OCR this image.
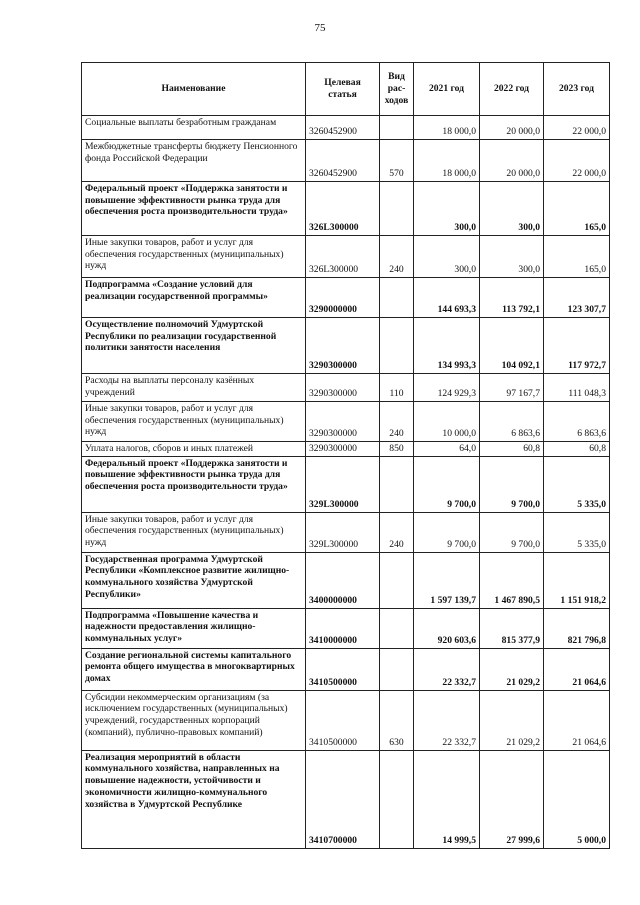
75
Наименование	Целевая статья	Вид рас-ходов	2021 год	2022 год	2023 год
Социальные выплаты безработным гражданам	3260452900		18 000,0	20 000,0	22 000,0
Межбюджетные трансферты бюджету Пенсионного фонда Российской Федерации	3260452900	570	18 000,0	20 000,0	22 000,0
Федеральный проект «Поддержка занятости и повышение эффективности рынка труда для обеспечения роста производительности труда»	326L300000		300,0	300,0	165,0
Иные закупки товаров, работ и услуг для обеспечения государственных (муниципальных) нужд	326L300000	240	300,0	300,0	165,0
Подпрограмма «Создание условий для реализации государственной программы»	3290000000		144 693,3	113 792,1	123 307,7
Осуществление полномочий Удмуртской Республики по реализации государственной политики занятости населения	3290300000		134 993,3	104 092,1	117 972,7
Расходы на выплаты персоналу казённых учреждений	3290300000	110	124 929,3	97 167,7	111 048,3
Иные закупки товаров, работ и услуг для обеспечения государственных (муниципальных) нужд	3290300000	240	10 000,0	6 863,6	6 863,6
Уплата налогов, сборов и иных платежей	3290300000	850	64,0	60,8	60,8
Федеральный проект «Поддержка занятости и повышение эффективности рынка труда для обеспечения роста производительности труда»	329L300000		9 700,0	9 700,0	5 335,0
Иные закупки товаров, работ и услуг для обеспечения государственных (муниципальных) нужд	329L300000	240	9 700,0	9 700,0	5 335,0
Государственная программа Удмуртской Республики «Комплексное развитие жилищно-коммунального хозяйства Удмуртской Республики»	3400000000		1 597 139,7	1 467 890,5	1 151 918,2
Подпрограмма «Повышение качества и надежности предоставления жилищно-коммунальных услуг»	3410000000		920 603,6	815 377,9	821 796,8
Создание региональной системы капитального ремонта общего имущества в многоквартирных домах	3410500000		22 332,7	21 029,2	21 064,6
Субсидии некоммерческим организациям (за исключением государственных (муниципальных) учреждений, государственных корпораций (компаний), публично-правовых компаний)	3410500000	630	22 332,7	21 029,2	21 064,6
Реализация мероприятий в области коммунального хозяйства, направленных на повышение надежности, устойчивости и экономичности жилищно-коммунального хозяйства в Удмуртской Республике	3410700000		14 999,5	27 999,6	5 000,0
